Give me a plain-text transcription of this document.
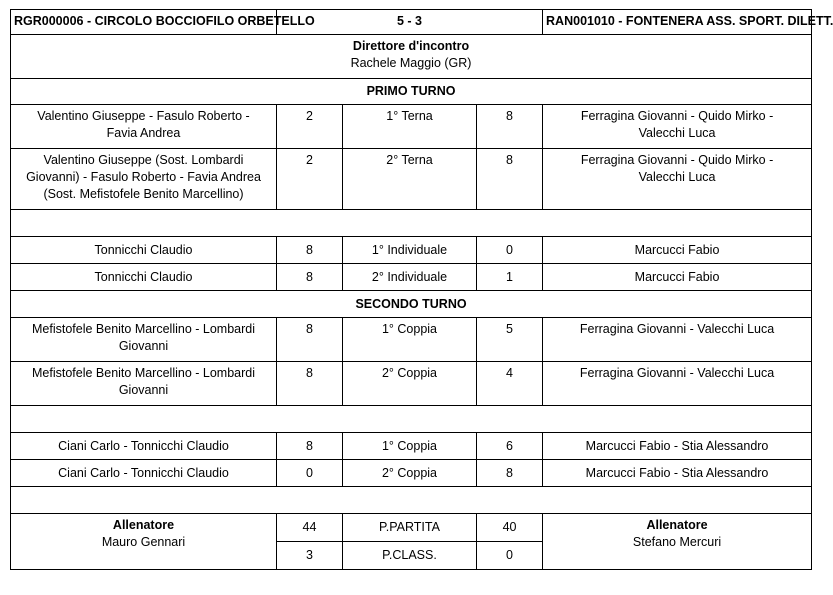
RGR000006 - CIRCOLO BOCCIOFILO ORBETELLO	5 - 3			RAN001010 - FONTENERA ASS. SPORT. DILETT.

Direttore d'incontro
Rachele Maggio (GR)				

PRIMO TURNO				

Valentino Giuseppe - Fasulo Roberto -
Favia Andrea	2	1° Terna	8	Ferragina Giovanni - Quido Mirko -
Valecchi Luca

Valentino Giuseppe (Sost. Lombardi
Giovanni) - Fasulo Roberto - Favia Andrea
(Sost. Mefistofele Benito Marcellino)	2	2° Terna	8	Ferragina Giovanni - Quido Mirko -
Valecchi Luca

Tonnicchi Claudio	8	1° Individuale	0	Marcucci Fabio
Tonnicchi Claudio	8	2° Individuale	1	Marcucci Fabio
SECONDO TURNO				

Mefistofele Benito Marcellino - Lombardi
Giovanni	8	1° Coppia	5	Ferragina Giovanni - Valecchi Luca

Mefistofele Benito Marcellino - Lombardi
Giovanni	8	2° Coppia	4	Ferragina Giovanni - Valecchi Luca

Ciani Carlo - Tonnicchi Claudio	8	1° Coppia	6	Marcucci Fabio - Stia Alessandro
Ciani Carlo - Tonnicchi Claudio	0	2° Coppia	8	Marcucci Fabio - Stia Alessandro

Allenatore
Mauro Gennari	44	P.PARTITA	40	Allenatore
Stefano Mercuri

	3	P.CLASS.	0	
